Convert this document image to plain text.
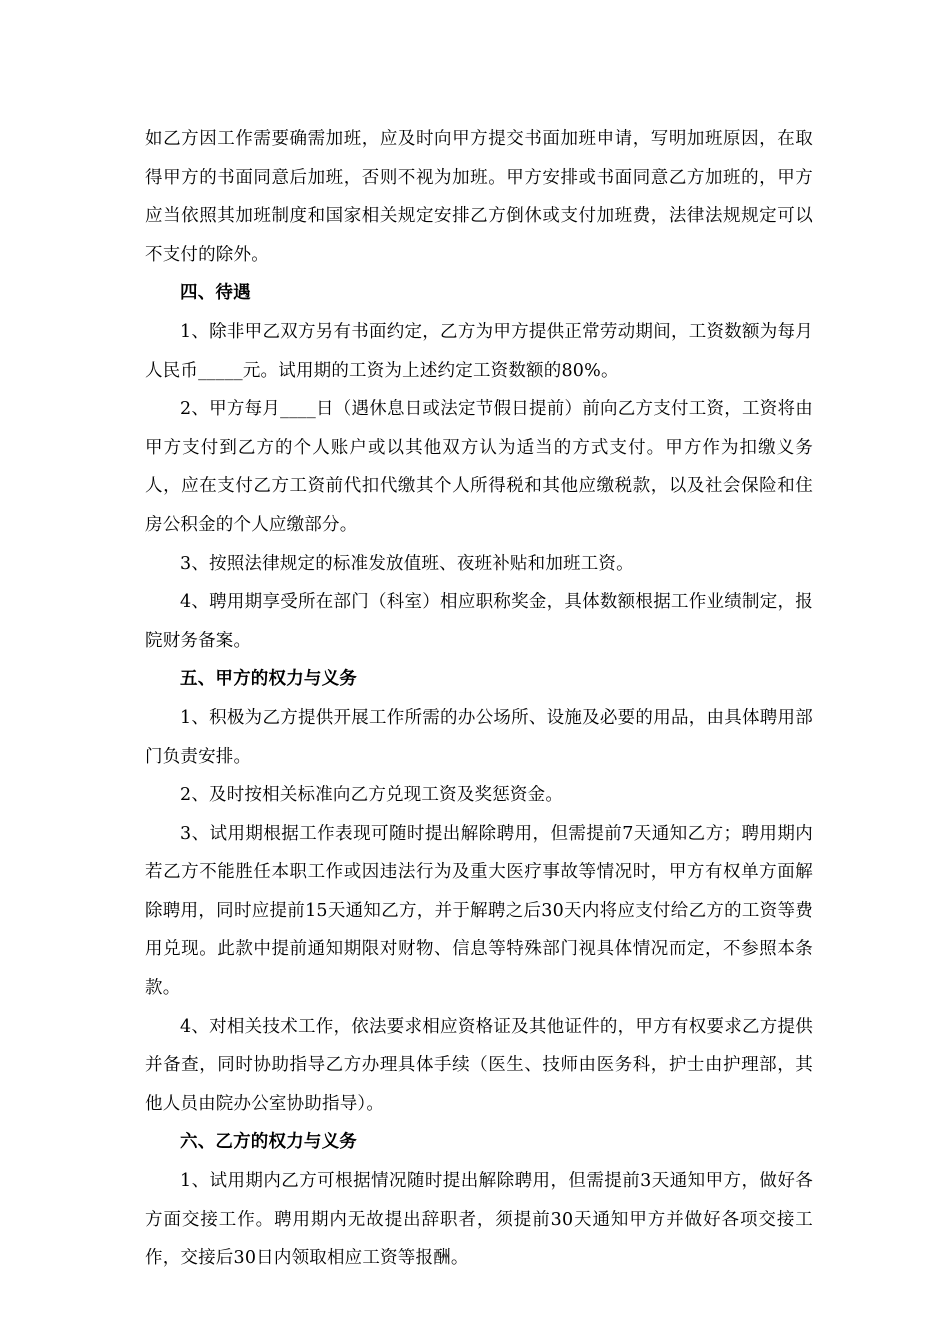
如乙方因工作需要确需加班，应及时向甲方提交书面加班申请，写明加班原因，在取得甲方的书面同意后加班，否则不视为加班。甲方安排或书面同意乙方加班的，甲方应当依照其加班制度和国家相关规定安排乙方倒休或支付加班费，法律法规规定可以不支付的除外。

四、待遇

1、除非甲乙双方另有书面约定，乙方为甲方提供正常劳动期间，工资数额为每月人民币_____元。试用期的工资为上述约定工资数额的80%。

2、甲方每月____日（遇休息日或法定节假日提前）前向乙方支付工资，工资将由甲方支付到乙方的个人账户或以其他双方认为适当的方式支付。甲方作为扣缴义务人，应在支付乙方工资前代扣代缴其个人所得税和其他应缴税款，以及社会保险和住房公积金的个人应缴部分。

3、按照法律规定的标准发放值班、夜班补贴和加班工资。

4、聘用期享受所在部门（科室）相应职称奖金，具体数额根据工作业绩制定，报院财务备案。

五、甲方的权力与义务

1、积极为乙方提供开展工作所需的办公场所、设施及必要的用品，由具体聘用部门负责安排。

2、及时按相关标准向乙方兑现工资及奖惩资金。

3、试用期根据工作表现可随时提出解除聘用，但需提前7天通知乙方；聘用期内若乙方不能胜任本职工作或因违法行为及重大医疗事故等情况时，甲方有权单方面解除聘用，同时应提前15天通知乙方，并于解聘之后30天内将应支付给乙方的工资等费用兑现。此款中提前通知期限对财物、信息等特殊部门视具体情况而定，不参照本条款。

4、对相关技术工作，依法要求相应资格证及其他证件的，甲方有权要求乙方提供并备查，同时协助指导乙方办理具体手续（医生、技师由医务科，护士由护理部，其他人员由院办公室协助指导）。

六、乙方的权力与义务

1、试用期内乙方可根据情况随时提出解除聘用，但需提前3天通知甲方，做好各方面交接工作。聘用期内无故提出辞职者，须提前30天通知甲方并做好各项交接工作，交接后30日内领取相应工资等报酬。
